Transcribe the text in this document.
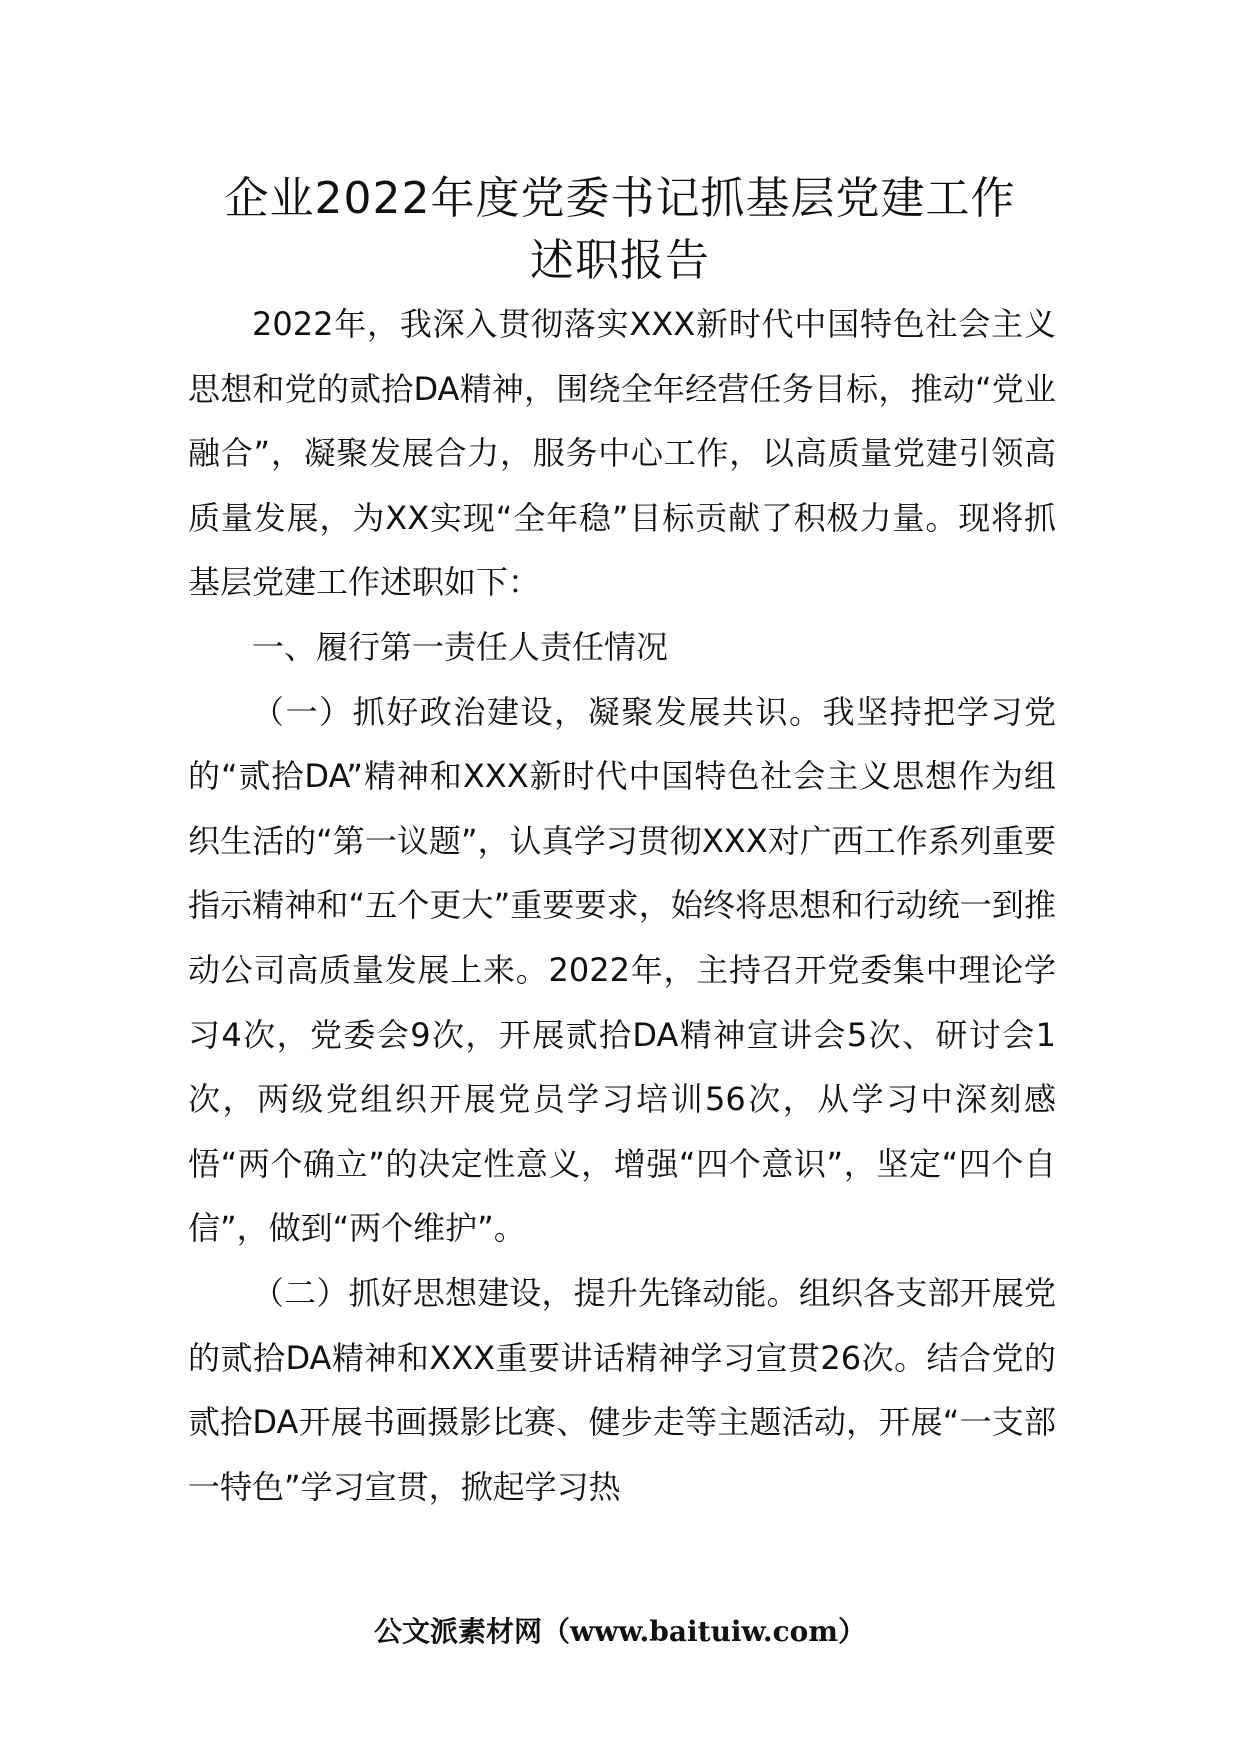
企业2022年度党委书记抓基层党建工作
述职报告

2022年，我深入贯彻落实XXX新时代中国特色社会主义思想和党的贰拾DA精神，围绕全年经营任务目标，推动“党业融合”，凝聚发展合力，服务中心工作，以高质量党建引领高质量发展，为XX实现“全年稳”目标贡献了积极力量。现将抓基层党建工作述职如下：

一、履行第一责任人责任情况

（一）抓好政治建设，凝聚发展共识。我坚持把学习党的“贰拾DA”精神和XXX新时代中国特色社会主义思想作为组织生活的“第一议题”，认真学习贯彻XXX对广西工作系列重要指示精神和“五个更大”重要要求，始终将思想和行动统一到推动公司高质量发展上来。2022年，主持召开党委集中理论学习4次，党委会9次，开展贰拾DA精神宣讲会5次、研讨会1次，两级党组织开展党员学习培训56次，从学习中深刻感悟“两个确立”的决定性意义，增强“四个意识”，坚定“四个自信”，做到“两个维护”。

（二）抓好思想建设，提升先锋动能。组织各支部开展党的贰拾DA精神和XXX重要讲话精神学习宣贯26次。结合党的贰拾DA开展书画摄影比赛、健步走等主题活动，开展“一支部一特色”学习宣贯，掀起学习热

公文派素材网（www.baituiw.com）
